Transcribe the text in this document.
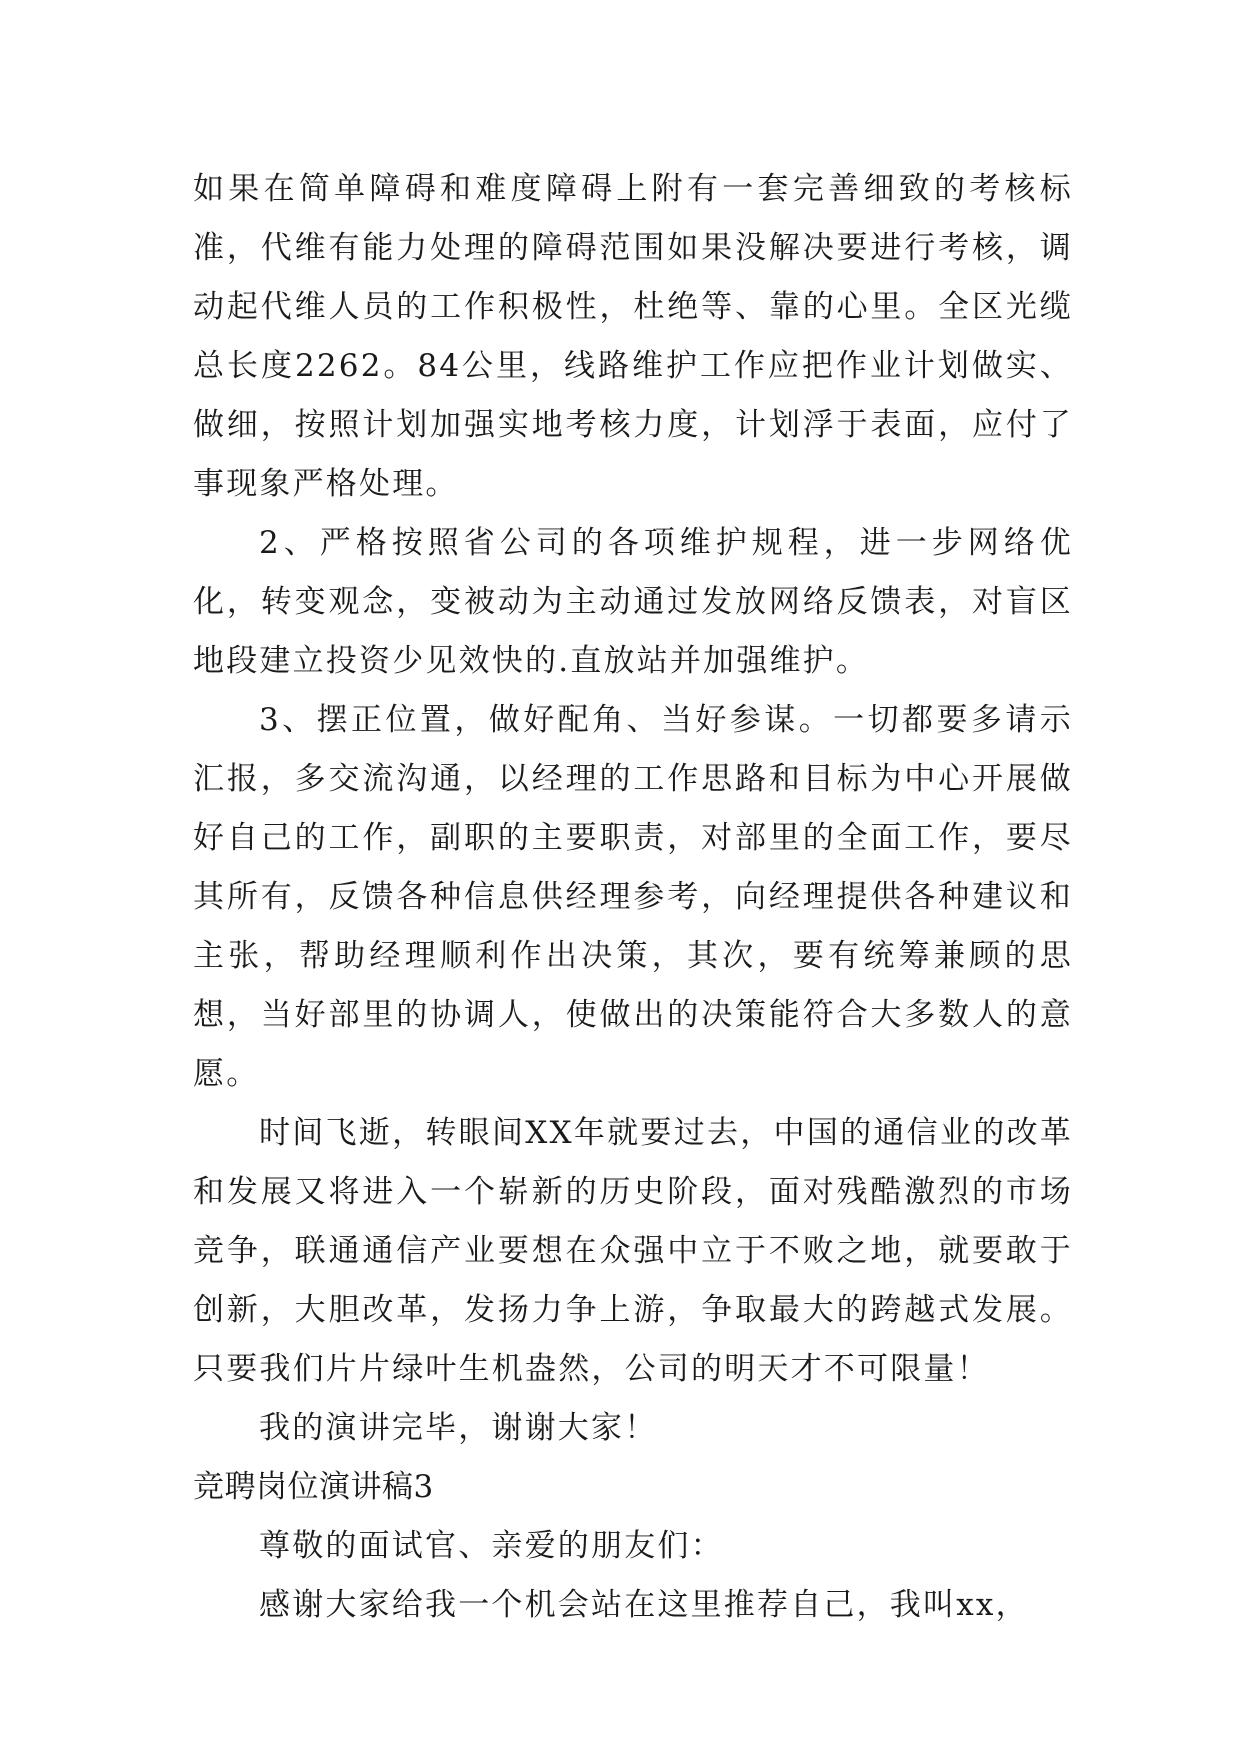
如果在简单障碍和难度障碍上附有一套完善细致的考核标准，代维有能力处理的障碍范围如果没解决要进行考核，调动起代维人员的工作积极性，杜绝等、靠的心里。全区光缆总长度2262。84公里，线路维护工作应把作业计划做实、做细，按照计划加强实地考核力度，计划浮于表面，应付了事现象严格处理。

2、严格按照省公司的各项维护规程，进一步网络优化，转变观念，变被动为主动通过发放网络反馈表，对盲区地段建立投资少见效快的.直放站并加强维护。

3、摆正位置，做好配角、当好参谋。一切都要多请示汇报，多交流沟通，以经理的工作思路和目标为中心开展做好自己的工作，副职的主要职责，对部里的全面工作，要尽其所有，反馈各种信息供经理参考，向经理提供各种建议和主张，帮助经理顺利作出决策，其次，要有统筹兼顾的思想，当好部里的协调人，使做出的决策能符合大多数人的意愿。

时间飞逝，转眼间XX年就要过去，中国的通信业的改革和发展又将进入一个崭新的历史阶段，面对残酷激烈的市场竞争，联通通信产业要想在众强中立于不败之地，就要敢于创新，大胆改革，发扬力争上游，争取最大的跨越式发展。只要我们片片绿叶生机盎然，公司的明天才不可限量！

我的演讲完毕，谢谢大家！

竞聘岗位演讲稿3

尊敬的面试官、亲爱的朋友们：

感谢大家给我一个机会站在这里推荐自己，我叫xx，
